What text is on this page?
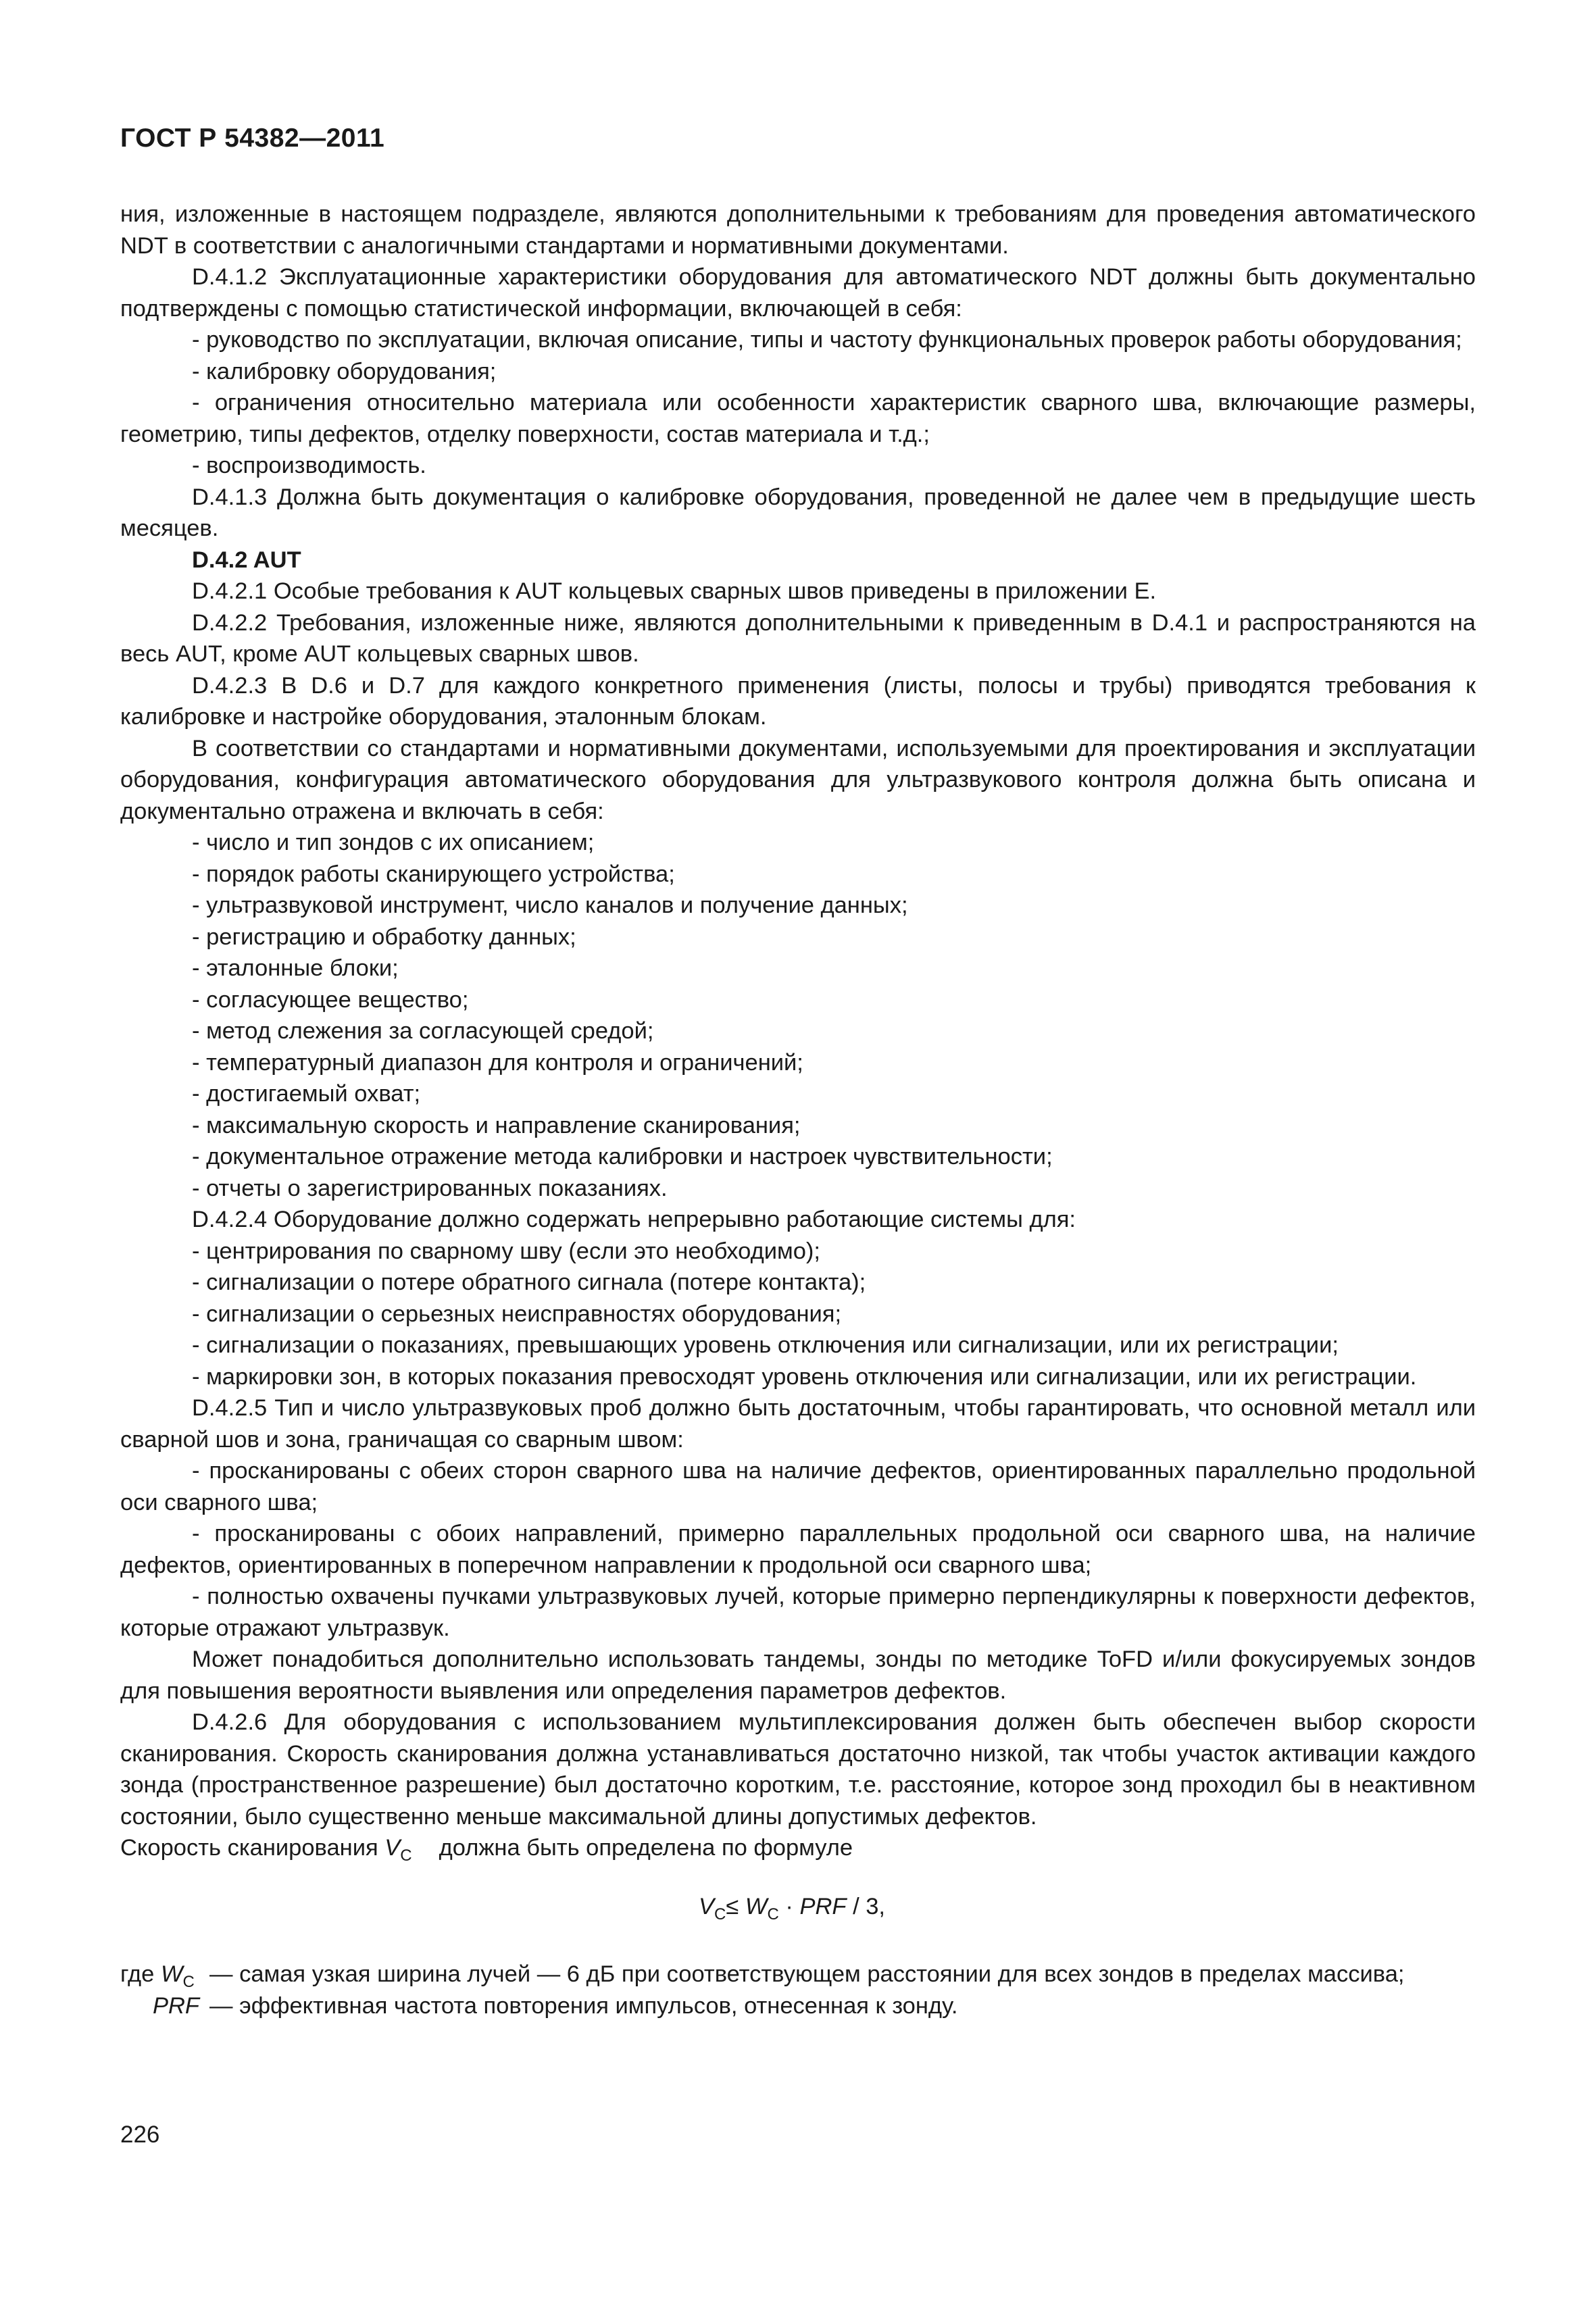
ГОСТ Р 54382—2011

ния, изложенные в настоящем подразделе, являются дополнительными к требованиям для проведения автоматического NDT в соответствии с аналогичными стандартами и нормативными документами.

D.4.1.2 Эксплуатационные характеристики оборудования для автоматического NDT должны быть документально подтверждены с помощью статистической информации, включающей в себя:

- руководство по эксплуатации, включая описание, типы и частоту функциональных проверок работы оборудования;

- калибровку оборудования;

- ограничения относительно материала или особенности характеристик сварного шва, включающие размеры, геометрию, типы дефектов, отделку поверхности, состав материала и т.д.;

- воспроизводимость.

D.4.1.3 Должна быть документация о калибровке оборудования, проведенной не далее чем в предыдущие шесть месяцев.

D.4.2 AUT

D.4.2.1 Особые требования к AUT кольцевых сварных швов приведены в приложении Е.

D.4.2.2 Требования, изложенные ниже, являются дополнительными к приведенным в D.4.1 и распространяются на весь AUT, кроме AUT кольцевых сварных швов.

D.4.2.3 В D.6 и D.7 для каждого конкретного применения (листы, полосы и трубы) приводятся требования к калибровке и настройке оборудования, эталонным блокам.

В соответствии со стандартами и нормативными документами, используемыми для проектирования и эксплуатации оборудования, конфигурация автоматического оборудования для ультразвукового контроля должна быть описана и документально отражена и включать в себя:

- число и тип зондов с их описанием;

- порядок работы сканирующего устройства;

- ультразвуковой инструмент, число каналов и получение данных;

- регистрацию и обработку данных;

- эталонные блоки;

- согласующее вещество;

- метод слежения за согласующей средой;

- температурный диапазон для контроля и ограничений;

- достигаемый охват;

- максимальную скорость и направление сканирования;

- документальное отражение метода калибровки и настроек чувствительности;

- отчеты о зарегистрированных показаниях.

D.4.2.4 Оборудование должно содержать непрерывно работающие системы для:

- центрирования по сварному шву (если это необходимо);

- сигнализации о потере обратного сигнала (потере контакта);

- сигнализации о серьезных неисправностях оборудования;

- сигнализации о показаниях, превышающих уровень отключения или сигнализации, или их регистрации;

- маркировки зон, в которых показания превосходят уровень отключения или сигнализации, или их регистрации.

D.4.2.5 Тип и число ультразвуковых проб должно быть достаточным, чтобы гарантировать, что основной металл или сварной шов и зона, граничащая со сварным швом:

- просканированы с обеих сторон сварного шва на наличие дефектов, ориентированных параллельно продольной оси сварного шва;

- просканированы с обоих направлений, примерно параллельных продольной оси сварного шва, на наличие дефектов, ориентированных в поперечном направлении к продольной оси сварного шва;

- полностью охвачены пучками ультразвуковых лучей, которые примерно перпендикулярны к поверхности дефектов, которые отражают ультразвук.

Может понадобиться дополнительно использовать тандемы, зонды по методике ToFD и/или фокусируемых зондов для повышения вероятности выявления или определения параметров дефектов.

D.4.2.6 Для оборудования с использованием мультиплексирования должен быть обеспечен выбор скорости сканирования. Скорость сканирования должна устанавливаться достаточно низкой, так чтобы участок активации каждого зонда (пространственное разрешение) был достаточно коротким, т.е. расстояние, которое зонд проходил бы в неактивном состоянии, было существенно меньше максимальной длины допустимых дефектов.

Скорость сканирования $V_C$ должна быть определена по формуле

$V_C\le W_C$ · PRF / 3,

где $W_C$ — самая узкая ширина лучей — 6 дБ при соответствующем расстоянии для всех зондов в пределах массива;
PRF — эффективная частота повторения импульсов, отнесенная к зонду.
226
